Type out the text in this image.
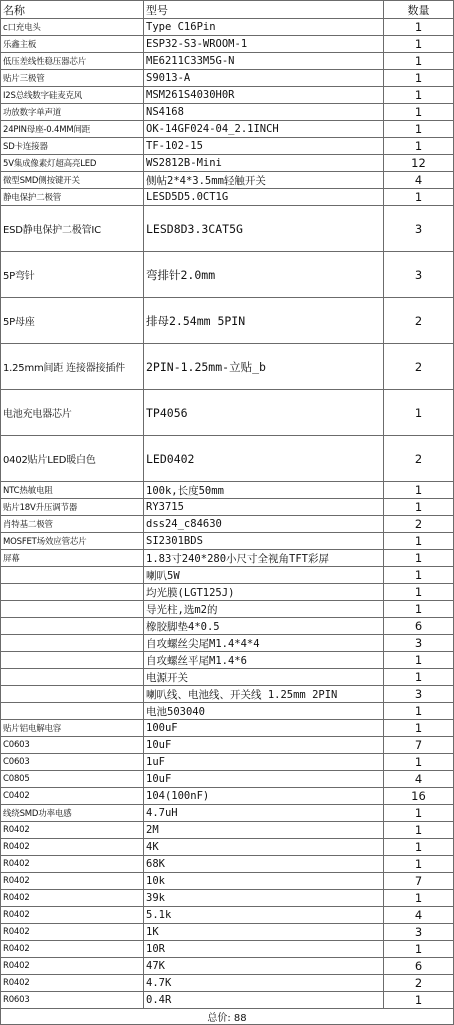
名称	型号	数量
c口充电头	Type C16Pin	1
乐鑫主板	ESP32-S3-WROOM-1	1
低压差线性稳压器芯片	ME6211C33M5G-N	1
贴片三极管	S9013-A	1
I2S总线数字硅麦克风	MSM261S4030H0R	1
功放数字单声道	NS4168	1
24PIN母座-0.4MM间距	OK-14GF024-04_2.1INCH	1
SD卡连接器	TF-102-15	1
5V集成像素灯超高亮LED	WS2812B-Mini	12
微型SMD侧按键开关	侧帖2*4*3.5mm轻触开关	4
静电保护二极管	LESD5D5.0CT1G	1
ESD静电保护二极管IC	LESD8D3.3CAT5G	3
5P弯针	弯排针2.0mm	3
5P母座	排母2.54mm 5PIN	2
1.25mm间距 连接器接插件	2PIN-1.25mm-立贴_b	2
电池充电器芯片	TP4056	1
0402贴片LED暖白色	LED0402	2
NTC热敏电阻	100k,长度50mm	1
贴片18V升压调节器	RY3715	1
肖特基二极管	dss24_c84630	2
MOSFET场效应管芯片	SI2301BDS	1
屏幕	1.83寸240*280小尺寸全视角TFT彩屏	1
	喇叭5W	1
	均光膜(LGT125J)	1
	导光柱,选m2的	1
	橡胶脚垫4*0.5	6
	自攻螺丝尖尾M1.4*4*4	3
	自攻螺丝平尾M1.4*6	1
	电源开关	1
	喇叭线、电池线、开关线 1.25mm 2PIN	3
	电池503040	1
贴片铝电解电容	100uF	1
C0603	10uF	7
C0603	1uF	1
C0805	10uF	4
C0402	104(100nF)	16
线绕SMD功率电感	4.7uH	1
R0402	2M	1
R0402	4K	1
R0402	68K	1
R0402	10k	7
R0402	39k	1
R0402	5.1k	4
R0402	1K	3
R0402	10R	1
R0402	47K	6
R0402	4.7K	2
R0603	0.4R	1
总价: 88		
